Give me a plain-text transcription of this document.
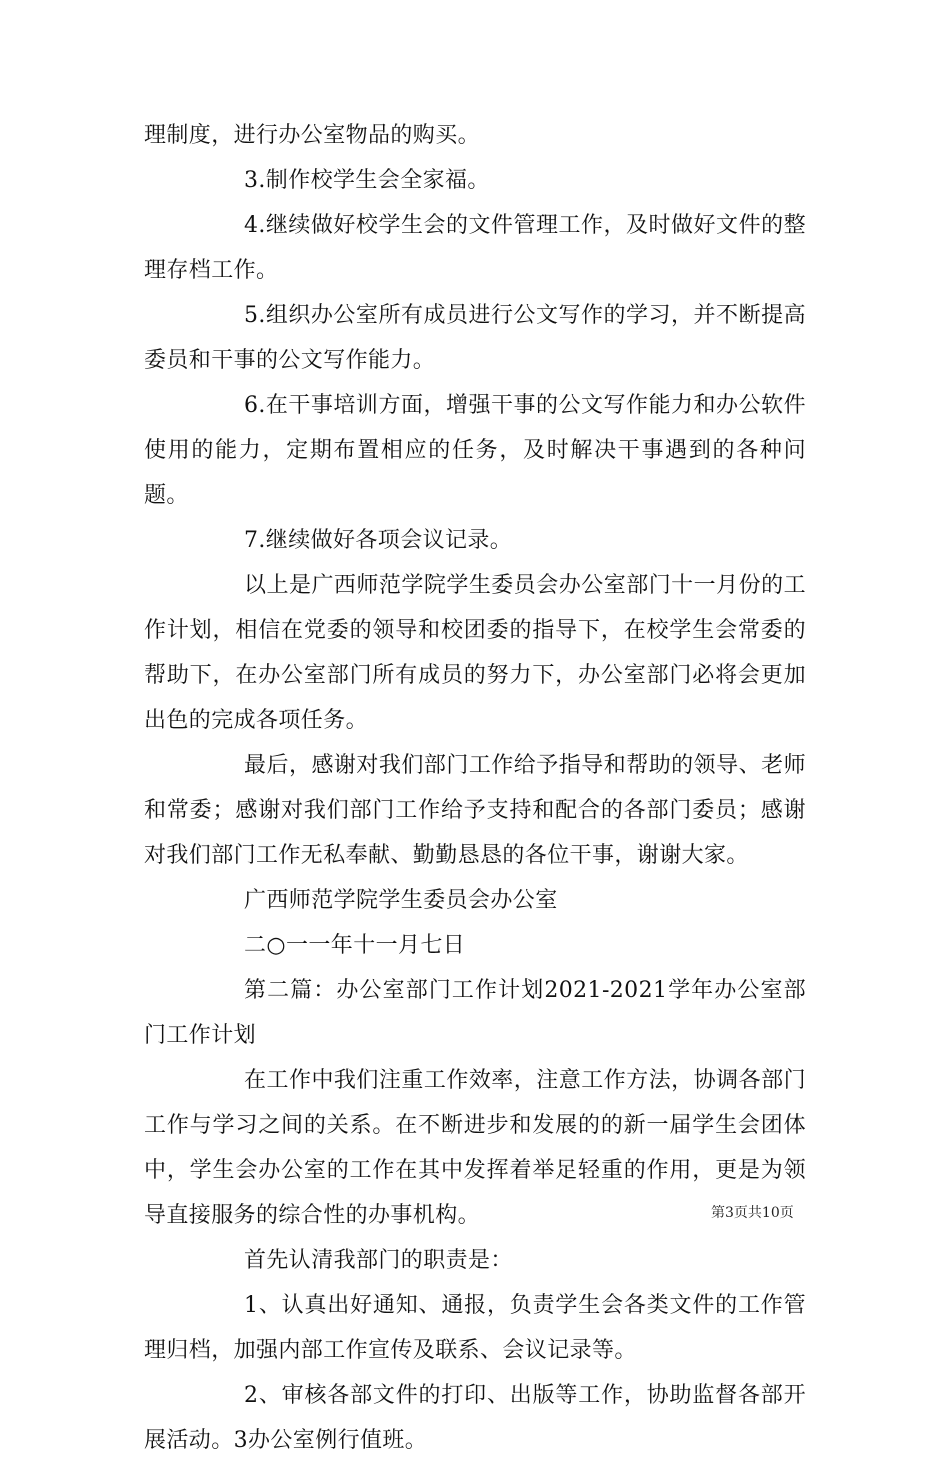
理制度，进行办公室物品的购买。

3.制作校学生会全家福。

4.继续做好校学生会的文件管理工作，及时做好文件的整理存档工作。

5.组织办公室所有成员进行公文写作的学习，并不断提高委员和干事的公文写作能力。

6.在干事培训方面，增强干事的公文写作能力和办公软件使用的能力，定期布置相应的任务，及时解决干事遇到的各种问题。

7.继续做好各项会议记录。

以上是广西师范学院学生委员会办公室部门十一月份的工作计划，相信在党委的领导和校团委的指导下，在校学生会常委的帮助下，在办公室部门所有成员的努力下，办公室部门必将会更加出色的完成各项任务。

最后，感谢对我们部门工作给予指导和帮助的领导、老师和常委；感谢对我们部门工作给予支持和配合的各部门委员；感谢对我们部门工作无私奉献、勤勤恳恳的各位干事，谢谢大家。

广西师范学院学生委员会办公室

二○一一年十一月七日

第二篇：办公室部门工作计划2021-2021学年办公室部门工作计划

在工作中我们注重工作效率，注意工作方法，协调各部门工作与学习之间的关系。在不断进步和发展的的新一届学生会团体中，学生会办公室的工作在其中发挥着举足轻重的作用，更是为领导直接服务的综合性的办事机构。

首先认清我部门的职责是：

1、认真出好通知、通报，负责学生会各类文件的工作管理归档，加强内部工作宣传及联系、会议记录等。

2、审核各部文件的打印、出版等工作，协助监督各部开展活动。3办公室例行值班。

第3页共10页
